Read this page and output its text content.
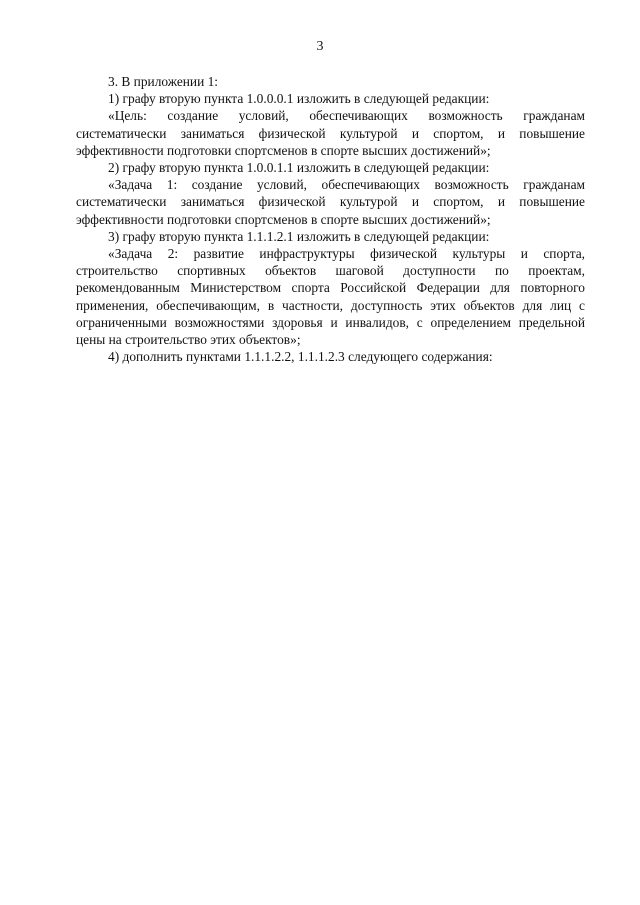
3

3. В приложении 1:

1) графу вторую пункта 1.0.0.0.1 изложить в следующей редакции:

«Цель: создание условий, обеспечивающих возможность гражданам систематически заниматься физической культурой и спортом, и повышение эффективности подготовки спортсменов в спорте высших достижений»;

2) графу вторую пункта 1.0.0.1.1 изложить в следующей редакции:

«Задача 1: создание условий, обеспечивающих возможность гражданам систематически заниматься физической культурой и спортом, и повышение эффективности подготовки спортсменов в спорте высших достижений»;

3) графу вторую пункта 1.1.1.2.1 изложить в следующей редакции:

«Задача 2: развитие инфраструктуры физической культуры и спорта, строительство спортивных объектов шаговой доступности по проектам, рекомендованным Министерством спорта Российской Федерации для повторного применения, обеспечивающим, в частности, доступность этих объектов для лиц с ограниченными возможностями здоровья и инвалидов, с определением предельной цены на строительство этих объектов»;

4) дополнить пунктами 1.1.1.2.2, 1.1.1.2.3 следующего содержания:
